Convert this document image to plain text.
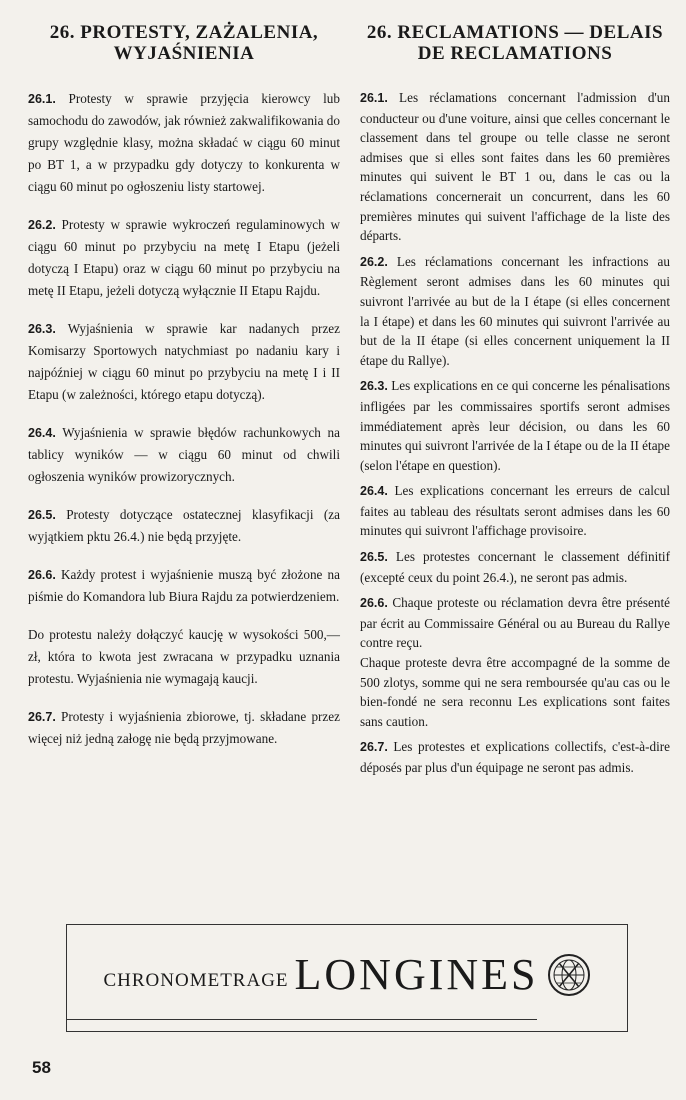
26. PROTESTY, ZAŻALENIA, WYJAŚNIENIA

26.1. Protesty w sprawie przyjęcia kierowcy lub samochodu do zawodów, jak również zakwalifikowania do grupy względnie klasy, można składać w ciągu 60 minut po BT 1, a w przypadku gdy dotyczy to konkurenta w ciągu 60 minut po ogłoszeniu listy startowej.

26.2. Protesty w sprawie wykroczeń regulaminowych w ciągu 60 minut po przybyciu na metę I Etapu (jeżeli dotyczą I Etapu) oraz w ciągu 60 minut po przybyciu na metę II Etapu, jeżeli dotyczą wyłącznie II Etapu Rajdu.

26.3. Wyjaśnienia w sprawie kar nadanych przez Komisarzy Sportowych natychmiast po nadaniu kary i najpóźniej w ciągu 60 minut po przybyciu na metę I i II Etapu (w zależności, którego etapu dotyczą).

26.4. Wyjaśnienia w sprawie błędów rachunkowych na tablicy wyników — w ciągu 60 minut od chwili ogłoszenia wyników prowizorycznych.

26.5. Protesty dotyczące ostatecznej klasyfikacji (za wyjątkiem pktu 26.4.) nie będą przyjęte.

26.6. Każdy protest i wyjaśnienie muszą być złożone na piśmie do Komandora lub Biura Rajdu za potwierdzeniem.

Do protestu należy dołączyć kaucję w wysokości 500,— zł, która to kwota jest zwracana w przypadku uznania protestu. Wyjaśnienia nie wymagają kaucji.

26.7. Protesty i wyjaśnienia zbiorowe, tj. składane przez więcej niż jedną załogę nie będą przyjmowane.

26. RECLAMATIONS — DELAIS DE RECLAMATIONS

26.1. Les réclamations concernant l'admission d'un conducteur ou d'une voiture, ainsi que celles concernant le classement dans tel groupe ou telle classe ne seront admises que si elles sont faites dans les 60 premières minutes qui suivent le BT 1 ou, dans le cas ou la réclamations concernerait un concurrent, dans les 60 premières minutes qui suivent l'affichage de la liste des départs.

26.2. Les réclamations concernant les infractions au Règlement seront admises dans les 60 minutes qui suivront l'arrivée au but de la I étape (si elles concernent la I étape) et dans les 60 minutes qui suivront l'arrivée au but de la II étape (si elles concernent uniquement la II étape du Rallye).

26.3. Les explications en ce qui concerne les pénalisations infligées par les commissaires sportifs seront admises immédiatement après leur décision, ou dans les 60 minutes qui suivront l'arrivée de la I étape ou de la II étape (selon l'étape en question).

26.4. Les explications concernant les erreurs de calcul faites au tableau des résultats seront admises dans les 60 minutes qui suivront l'affichage provisoire.

26.5. Les protestes concernant le classement définitif (excepté ceux du point 26.4.), ne seront pas admis.

26.6. Chaque proteste ou réclamation devra être présenté par écrit au Commissaire Général ou au Bureau du Rallye contre reçu.

Chaque proteste devra être accompagné de la somme de 500 zlotys, somme qui ne sera remboursée qu'au cas ou le bien-fondé ne sera reconnu Les explications sont faites sans caution.

26.7. Les protestes et explications collectifs, c'est-à-dire déposés par plus d'un équipage ne seront pas admis.

CHRONOMETRAGE LONGINES
58
